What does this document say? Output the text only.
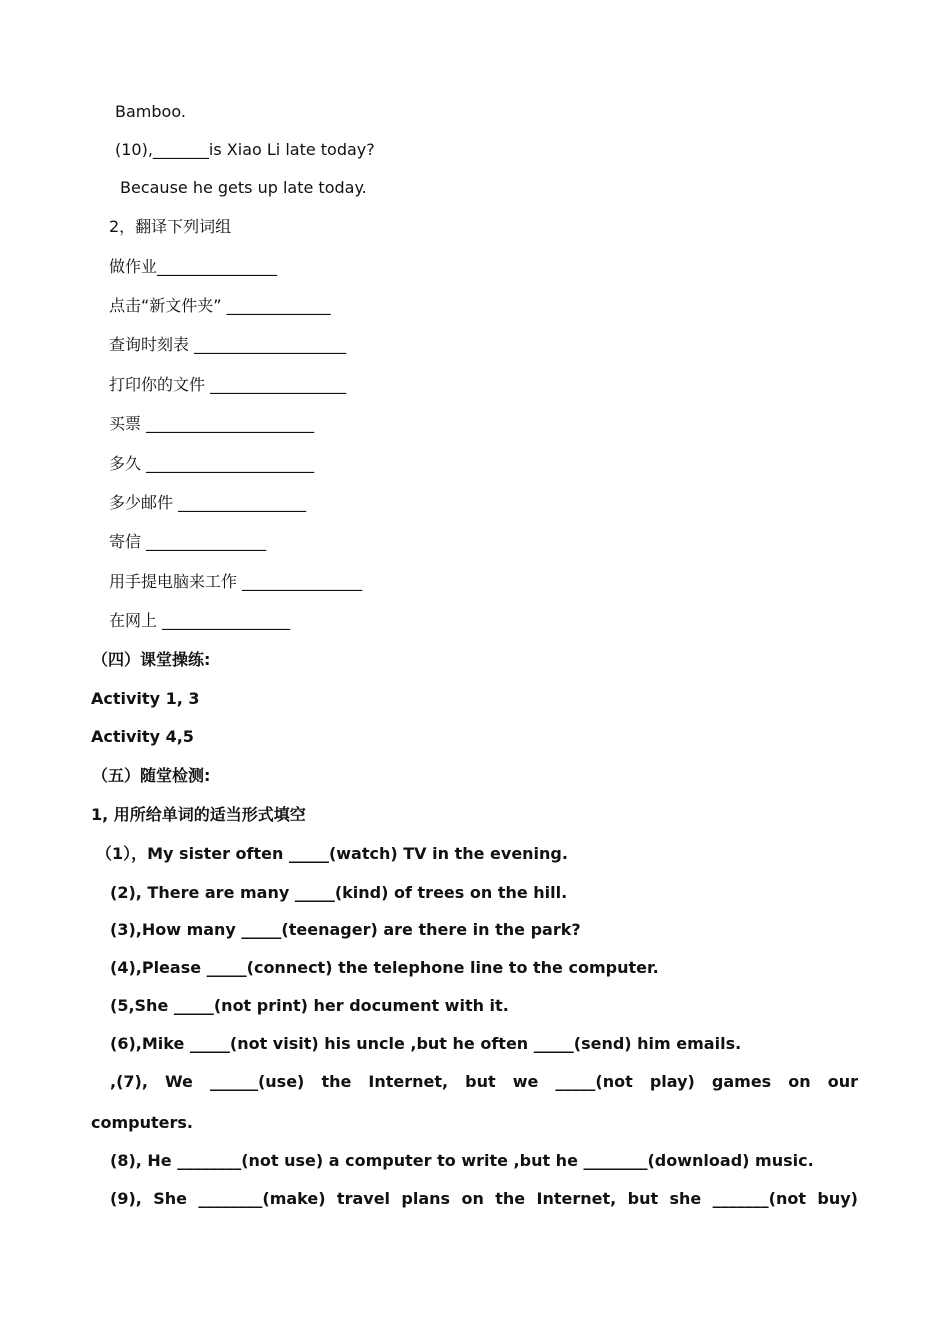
Bamboo.
(10),_______is Xiao Li late today?
Because he gets up late today.
2，翻译下列词组
做作业_______________
点击“新文件夹” _____________
查询时刻表 ___________________
打印你的文件 _________________
买票 _____________________
多久 _____________________
多少邮件 ________________
寄信 _______________
用手提电脑来工作 _______________
在网上 ________________
（四）课堂操练:
Activity 1, 3
Activity 4,5
（五）随堂检测:
1, 用所给单词的适当形式填空
（1），My sister often _____(watch) TV in the evening.
(2), There are many _____(kind) of trees on the hill.
(3),How many _____(teenager) are there in the park?
(4),Please _____(connect) the telephone line to the computer.
(5,She _____(not print) her document with it.
(6),Mike _____(not visit) his uncle ,but he often _____(send) him emails.
,(7), We ______(use) the Internet, but we _____(not play) games on our
computers.
(8), He ________(not use) a computer to write ,but he ________(download) music.
(9), She ________(make) travel plans on the Internet, but she _______(not buy)
